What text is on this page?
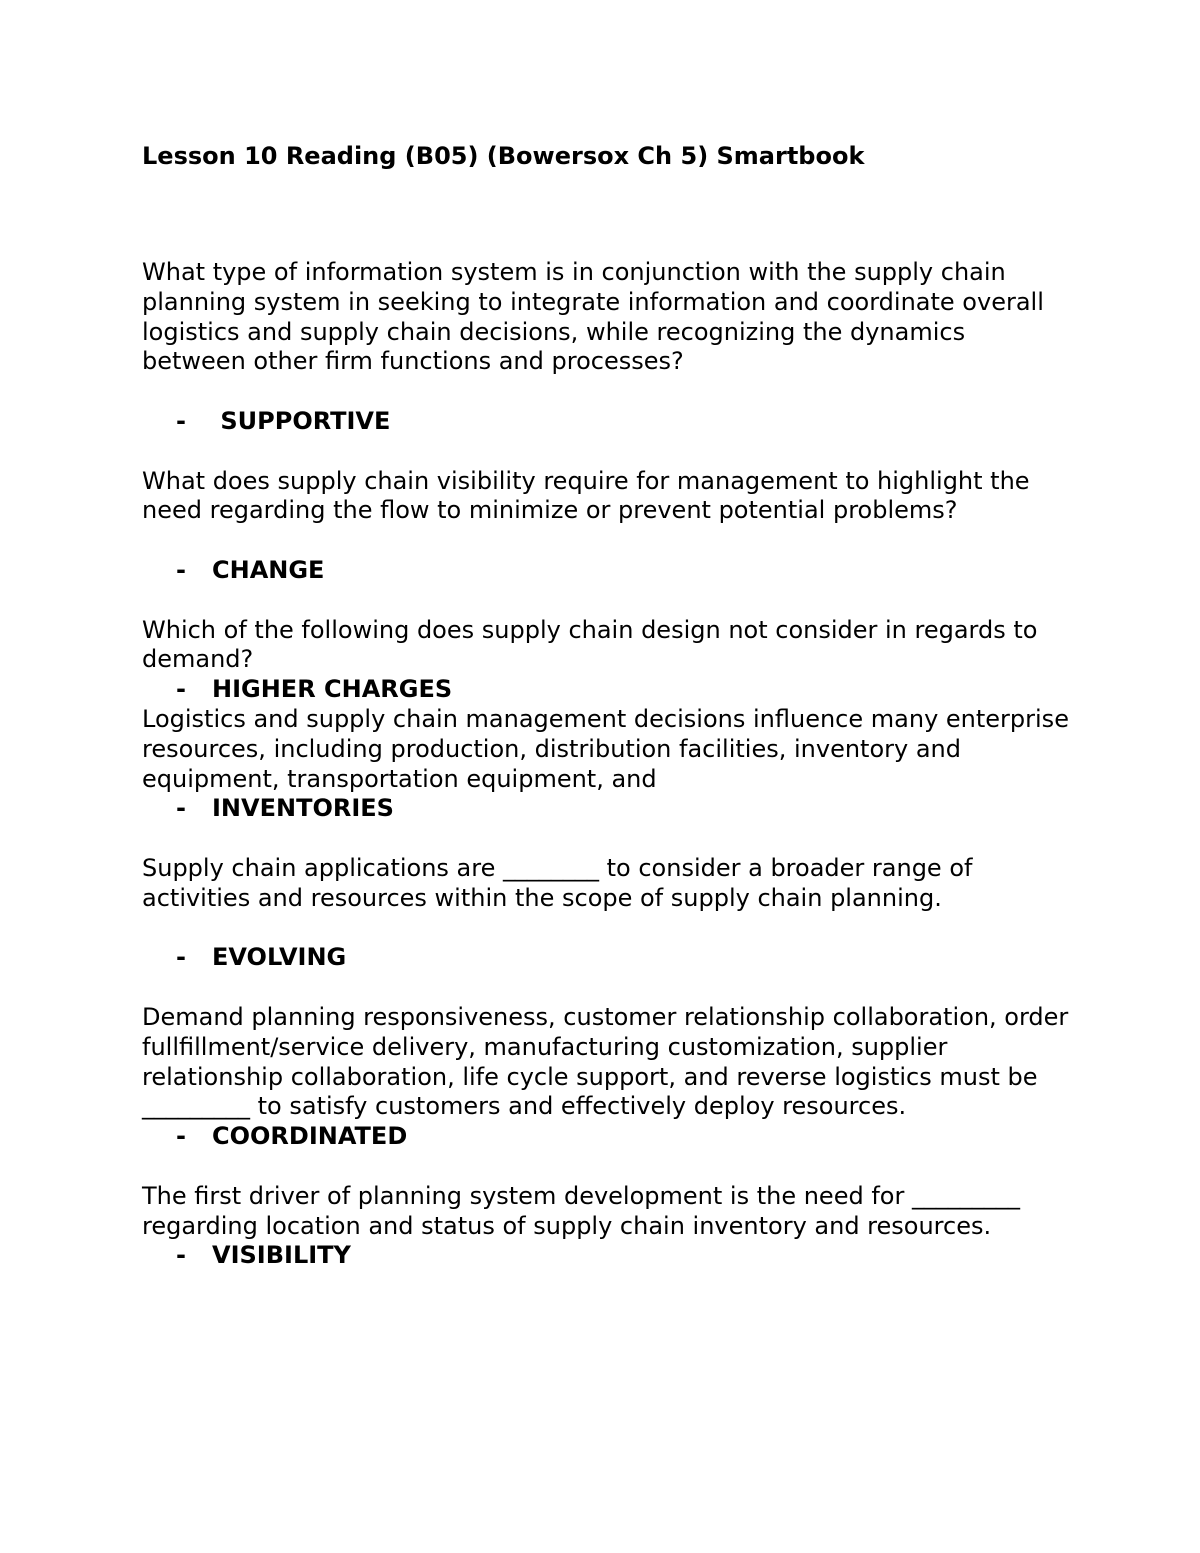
Lesson 10 Reading (B05) (Bowersox Ch 5) Smartbook

What type of information system is in conjunction with the supply chain planning system in seeking to integrate information and coordinate overall logistics and supply chain decisions, while recognizing the dynamics between other firm functions and processes?

- SUPPORTIVE

What does supply chain visibility require for management to highlight the need regarding the flow to minimize or prevent potential problems?

- CHANGE

Which of the following does supply chain design not consider in regards to demand?

- HIGHER CHARGES

Logistics and supply chain management decisions influence many enterprise resources, including production, distribution facilities, inventory and equipment, transportation equipment, and

- INVENTORIES

Supply chain applications are ________ to consider a broader range of activities and resources within the scope of supply chain planning.

- EVOLVING

Demand planning responsiveness, customer relationship collaboration, order fullfillment/service delivery, manufacturing customization, supplier relationship collaboration, life cycle support, and reverse logistics must be _________ to satisfy customers and effectively deploy resources.

- COORDINATED

The first driver of planning system development is the need for _________ regarding location and status of supply chain inventory and resources.

- VISIBILITY
